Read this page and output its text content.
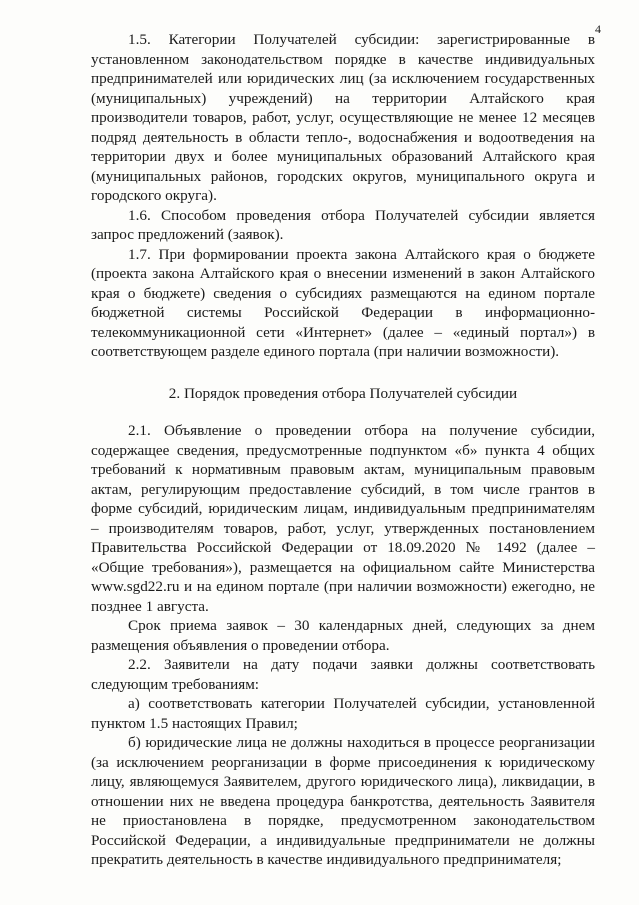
4

1.5. Категории Получателей субсидии: зарегистрированные в установленном законодательством порядке в качестве индивидуальных предпринимателей или юридических лиц (за исключением государственных (муниципальных) учреждений) на территории Алтайского края производители товаров, работ, услуг, осуществляющие не менее 12 месяцев подряд деятельность в области тепло-, водоснабжения и водоотведения на территории двух и более муниципальных образований Алтайского края (муниципальных районов, городских округов, муниципального округа и городского округа).

1.6. Способом проведения отбора Получателей субсидии является запрос предложений (заявок).

1.7. При формировании проекта закона Алтайского края о бюджете (проекта закона Алтайского края о внесении изменений в закон Алтайского края о бюджете) сведения о субсидиях размещаются на едином портале бюджетной системы Российской Федерации в информационно-телекоммуникационной сети «Интернет» (далее – «единый портал») в соответствующем разделе единого портала (при наличии возможности).

2. Порядок проведения отбора Получателей субсидии

2.1. Объявление о проведении отбора на получение субсидии, содержащее сведения, предусмотренные подпунктом «б» пункта 4 общих требований к нормативным правовым актам, муниципальным правовым актам, регулирующим предоставление субсидий, в том числе грантов в форме субсидий, юридическим лицам, индивидуальным предпринимателям – производителям товаров, работ, услуг, утвержденных постановлением Правительства Российской Федерации от 18.09.2020 № 1492 (далее – «Общие требования»), размещается на официальном сайте Министерства www.sgd22.ru и на едином портале (при наличии возможности) ежегодно, не позднее 1 августа.

Срок приема заявок – 30 календарных дней, следующих за днем размещения объявления о проведении отбора.

2.2. Заявители на дату подачи заявки должны соответствовать следующим требованиям:

а) соответствовать категории Получателей субсидии, установленной пунктом 1.5 настоящих Правил;

б) юридические лица не должны находиться в процессе реорганизации (за исключением реорганизации в форме присоединения к юридическому лицу, являющемуся Заявителем, другого юридического лица), ликвидации, в отношении них не введена процедура банкротства, деятельность Заявителя не приостановлена в порядке, предусмотренном законодательством Российской Федерации, а индивидуальные предприниматели не должны прекратить деятельность в качестве индивидуального предпринимателя;
